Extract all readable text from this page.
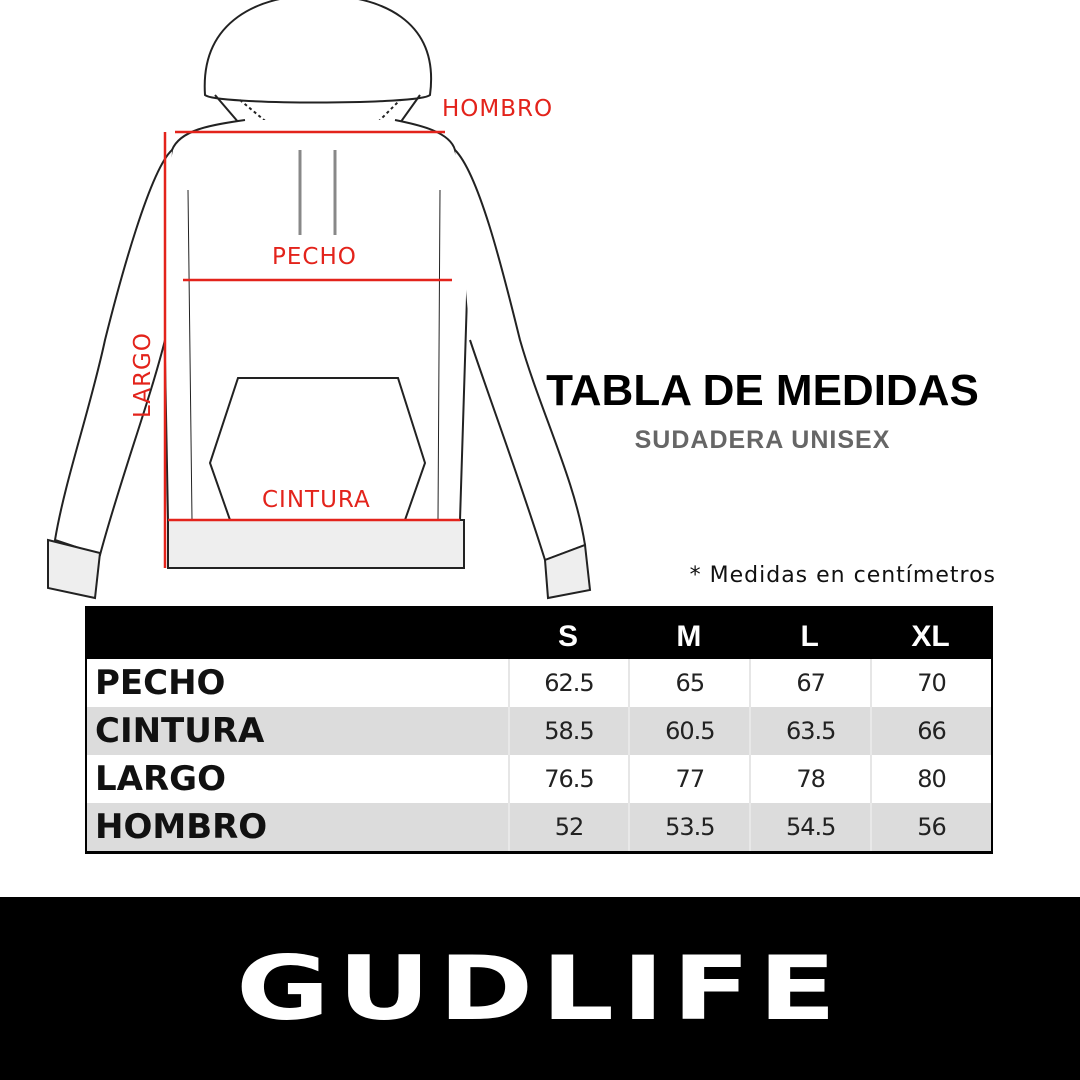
HOMBRO
PECHO
CINTURA
LARGO	TABLA DE MEDIDAS
SUDADERA UNISEX
* Medidas en centímetros
S	M	L	XL
PECHO	62.5	65	67	70
CINTURA	58.5	60.5	63.5	66
LARGO	76.5	77	78	80
HOMBRO	52	53.5	54.5	56
GUDLIFE
